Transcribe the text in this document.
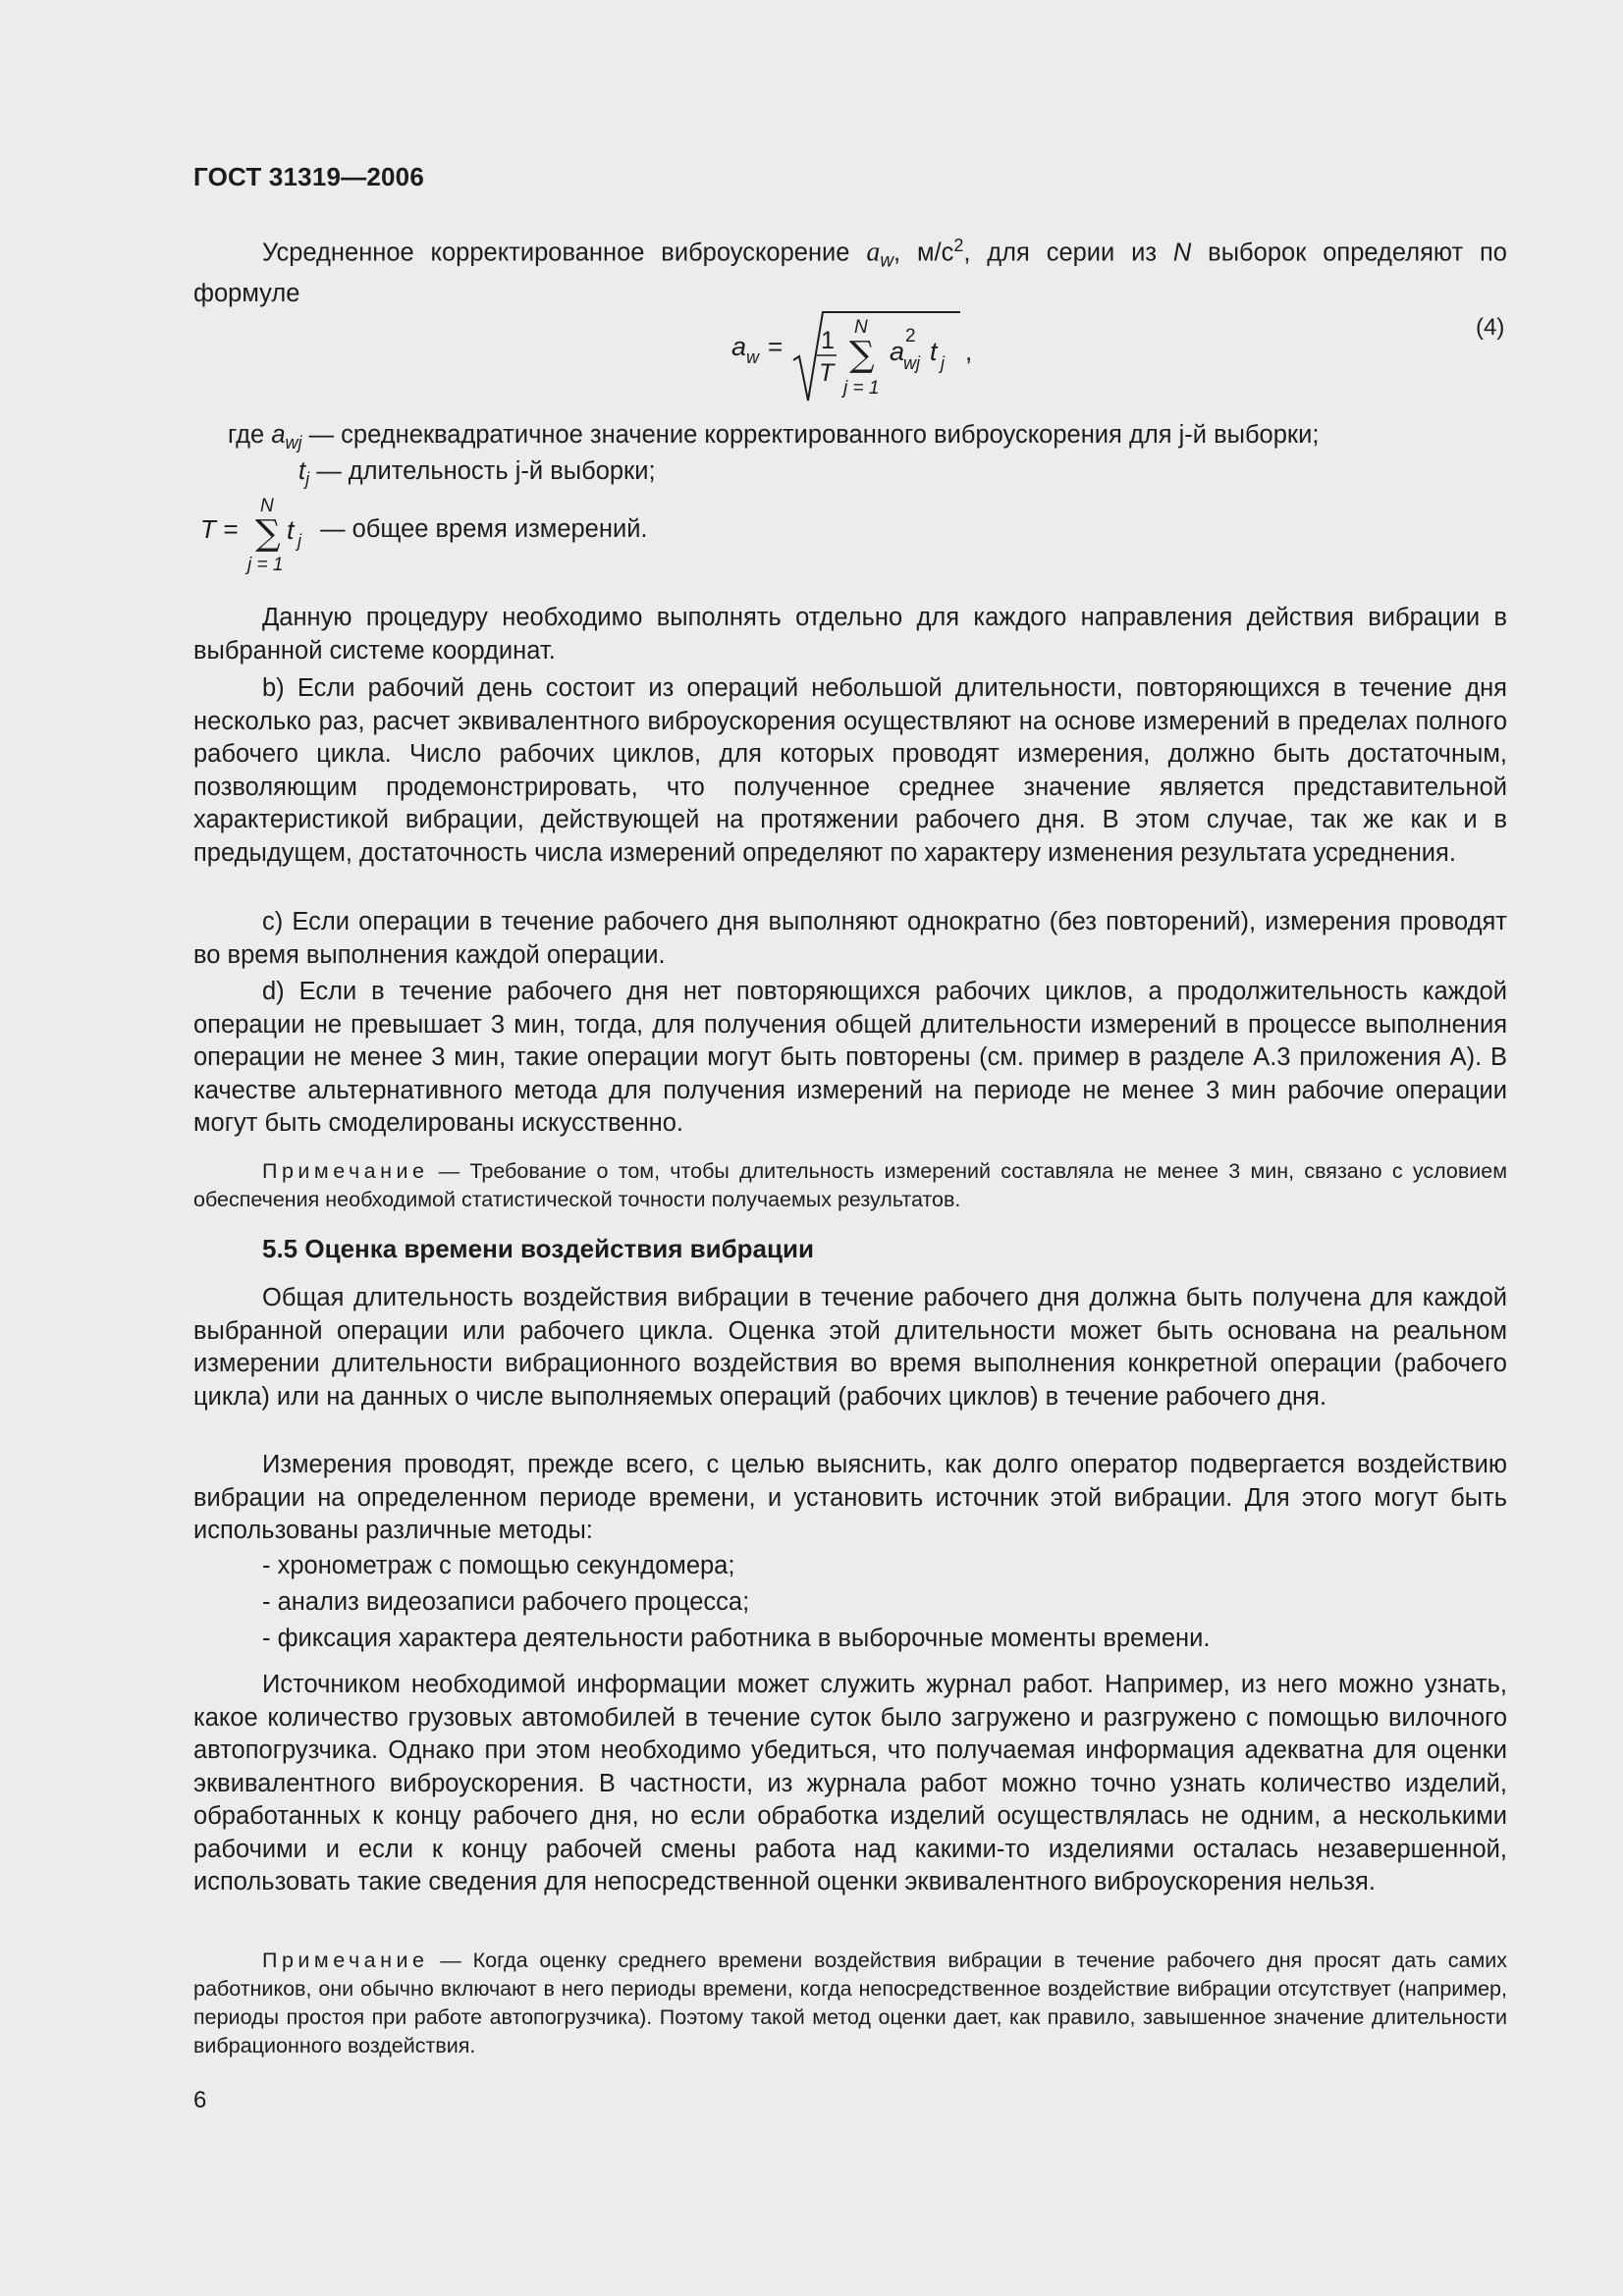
ГОСТ 31319—2006
Усредненное корректированное виброускорение $a_w$, $м/с^2$, для серии из N выборок определяют по формуле
a w = 1
T
N
∑
j = 1
a
2
wj t j ,
(4)
где $a_{wj}$ — среднеквадратичное значение корректированного виброускорения для j-й выборки;
$t_j$ — длительность j-й выборки;
T =
N
∑
j = 1
t j — общее время измерений.
Данную процедуру необходимо выполнять отдельно для каждого направления действия вибрации в выбранной системе координат.
b) Если рабочий день состоит из операций небольшой длительности, повторяющихся в течение дня несколько раз, расчет эквивалентного виброускорения осуществляют на основе измерений в пределах полного рабочего цикла. Число рабочих циклов, для которых проводят измерения, должно быть достаточным, позволяющим продемонстрировать, что полученное среднее значение является представительной характеристикой вибрации, действующей на протяжении рабочего дня. В этом случае, так же как и в предыдущем, достаточность числа измерений определяют по характеру изменения результата усреднения.
c) Если операции в течение рабочего дня выполняют однократно (без повторений), измерения проводят во время выполнения каждой операции.
d) Если в течение рабочего дня нет повторяющихся рабочих циклов, а продолжительность каждой операции не превышает 3 мин, тогда, для получения общей длительности измерений в процессе выполнения операции не менее 3 мин, такие операции могут быть повторены (см. пример в разделе А.3 приложения А). В качестве альтернативного метода для получения измерений на периоде не менее 3 мин рабочие операции могут быть смоделированы искусственно.
Примечание — Требование о том, чтобы длительность измерений составляла не менее 3 мин, связано с условием обеспечения необходимой статистической точности получаемых результатов.
5.5 Оценка времени воздействия вибрации
Общая длительность воздействия вибрации в течение рабочего дня должна быть получена для каждой выбранной операции или рабочего цикла. Оценка этой длительности может быть основана на реальном измерении длительности вибрационного воздействия во время выполнения конкретной операции (рабочего цикла) или на данных о числе выполняемых операций (рабочих циклов) в течение рабочего дня.
Измерения проводят, прежде всего, с целью выяснить, как долго оператор подвергается воздействию вибрации на определенном периоде времени, и установить источник этой вибрации. Для этого могут быть использованы различные методы:
- хронометраж с помощью секундомера;
- анализ видеозаписи рабочего процесса;
- фиксация характера деятельности работника в выборочные моменты времени.
Источником необходимой информации может служить журнал работ. Например, из него можно узнать, какое количество грузовых автомобилей в течение суток было загружено и разгружено с помощью вилочного автопогрузчика. Однако при этом необходимо убедиться, что получаемая информация адекватна для оценки эквивалентного виброускорения. В частности, из журнала работ можно точно узнать количество изделий, обработанных к концу рабочего дня, но если обработка изделий осуществлялась не одним, а несколькими рабочими и если к концу рабочей смены работа над какими-то изделиями осталась незавершенной, использовать такие сведения для непосредственной оценки эквивалентного виброускорения нельзя.
Примечание — Когда оценку среднего времени воздействия вибрации в течение рабочего дня просят дать самих работников, они обычно включают в него периоды времени, когда непосредственное воздействие вибрации отсутствует (например, периоды простоя при работе автопогрузчика). Поэтому такой метод оценки дает, как правило, завышенное значение длительности вибрационного воздействия.
6
